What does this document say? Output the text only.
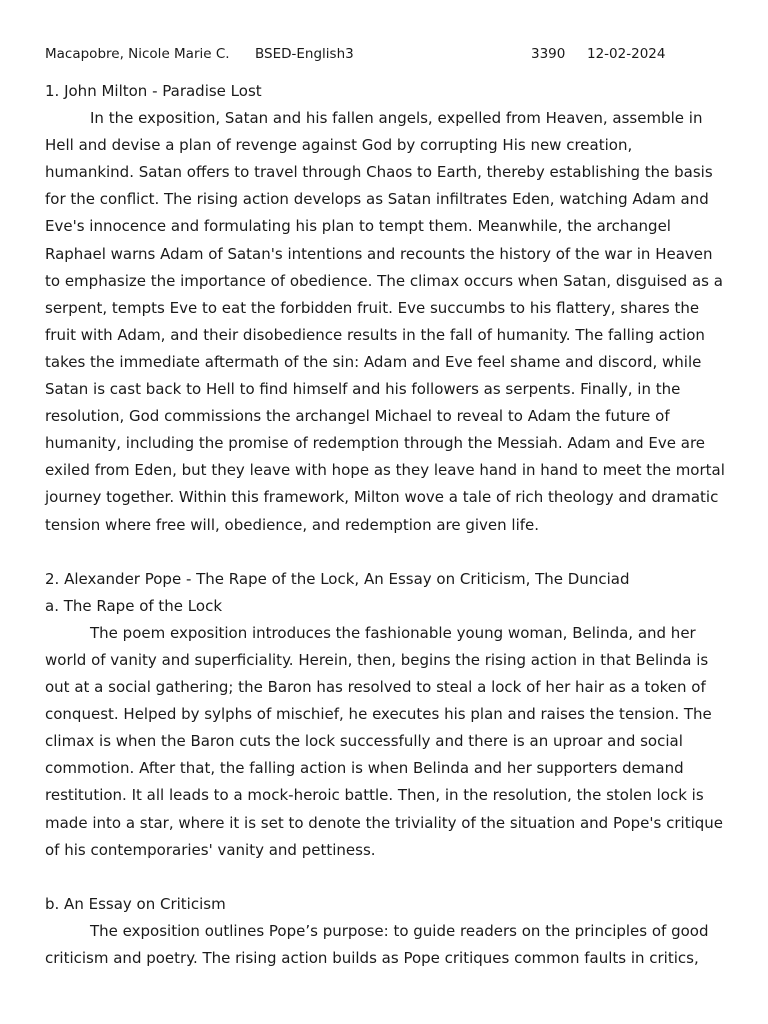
Macapobre, Nicole Marie C. BSED-English3	3390 12-02-2024

1. John Milton - Paradise Lost

In the exposition, Satan and his fallen angels, expelled from Heaven, assemble in Hell and devise a plan of revenge against God by corrupting His new creation, humankind. Satan offers to travel through Chaos to Earth, thereby establishing the basis for the conflict. The rising action develops as Satan infiltrates Eden, watching Adam and Eve's innocence and formulating his plan to tempt them. Meanwhile, the archangel Raphael warns Adam of Satan's intentions and recounts the history of the war in Heaven to emphasize the importance of obedience. The climax occurs when Satan, disguised as a serpent, tempts Eve to eat the forbidden fruit. Eve succumbs to his flattery, shares the fruit with Adam, and their disobedience results in the fall of humanity. The falling action takes the immediate aftermath of the sin: Adam and Eve feel shame and discord, while Satan is cast back to Hell to find himself and his followers as serpents. Finally, in the resolution, God commissions the archangel Michael to reveal to Adam the future of humanity, including the promise of redemption through the Messiah. Adam and Eve are exiled from Eden, but they leave with hope as they leave hand in hand to meet the mortal journey together. Within this framework, Milton wove a tale of rich theology and dramatic tension where free will, obedience, and redemption are given life.

2. Alexander Pope - The Rape of the Lock, An Essay on Criticism, The Dunciad

a. The Rape of the Lock

The poem exposition introduces the fashionable young woman, Belinda, and her world of vanity and superficiality. Herein, then, begins the rising action in that Belinda is out at a social gathering; the Baron has resolved to steal a lock of her hair as a token of conquest. Helped by sylphs of mischief, he executes his plan and raises the tension. The climax is when the Baron cuts the lock successfully and there is an uproar and social commotion. After that, the falling action is when Belinda and her supporters demand restitution. It all leads to a mock-heroic battle. Then, in the resolution, the stolen lock is made into a star, where it is set to denote the triviality of the situation and Pope's critique of his contemporaries' vanity and pettiness.

b. An Essay on Criticism

The exposition outlines Pope’s purpose: to guide readers on the principles of good criticism and poetry. The rising action builds as Pope critiques common faults in critics,
